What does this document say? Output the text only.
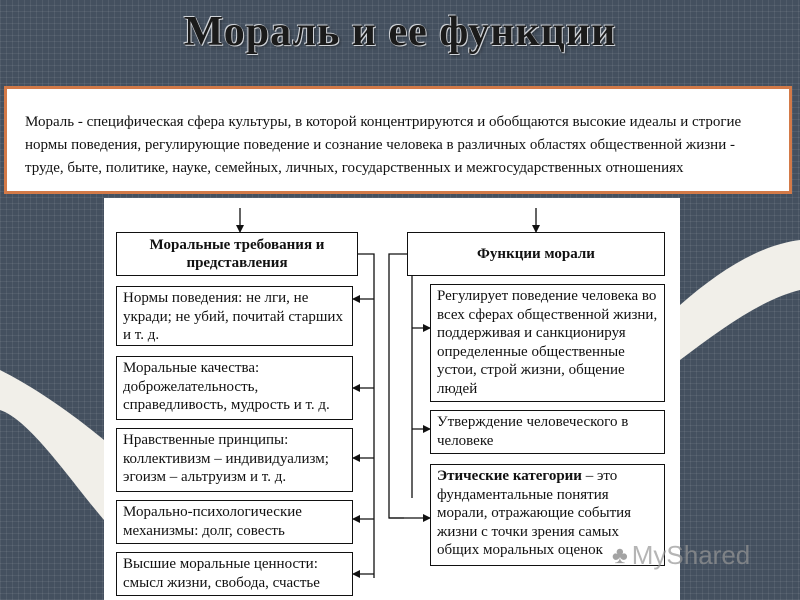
Мораль и ее функции

Мораль - специфическая сфера культуры, в которой концентрируются и обобщаются высокие идеалы и строгие нормы поведения, регулирующие поведение и сознание человека в различных областях общественной жизни - труде, быте, политике, науке, семейных, личных, государственных и межгосударственных отношениях

Моральные требования и представления
Функции морали
Нормы поведения: не лги, не укради; не убий, почитай старших и т. д.
Моральные качества: доброжелательность, справедливость, мудрость и т. д.
Нравственные принципы: коллективизм – индивидуализм; эгоизм – альтруизм и т. д.
Морально-психологические механизмы: долг, совесть
Высшие моральные ценности: смысл жизни, свобода, счастье
Регулирует поведение человека во всех сферах общественной жизни, поддерживая и санкционируя определенные общественные устои, строй жизни, общение людей
Утверждение человеческого в человеке
Этические категории – это фундаментальные понятия морали, отражающие события жизни с точки зрения самых общих моральных оценок ♣ MyShared
